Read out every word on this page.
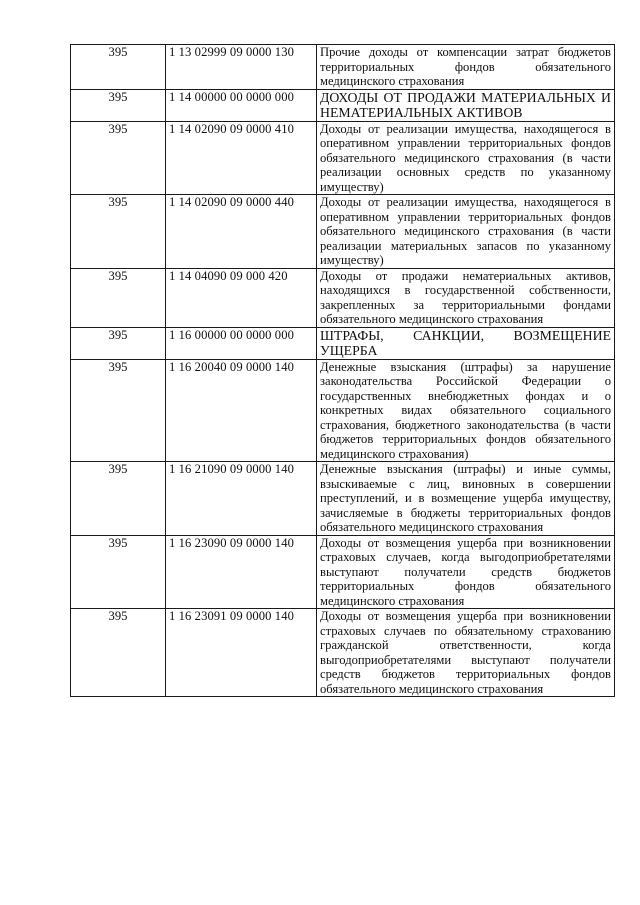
395	1 13 02999 09 0000 130	Прочие доходы от компенсации затрат бюджетов территориальных фондов обязательного медицинского страхования
395	1 14 00000 00 0000 000	ДОХОДЫ ОТ ПРОДАЖИ МАТЕРИАЛЬНЫХ И НЕМАТЕРИАЛЬНЫХ АКТИВОВ
395	1 14 02090 09 0000 410	Доходы от реализации имущества, находящегося в оперативном управлении территориальных фондов обязательного медицинского страхования (в части реализации основных средств по указанному имуществу)
395	1 14 02090 09 0000 440	Доходы от реализации имущества, находящегося в оперативном управлении территориальных фондов обязательного медицинского страхования (в части реализации материальных запасов по указанному имуществу)
395	1 14 04090 09 000 420	Доходы от продажи нематериальных активов, находящихся в государственной собственности, закрепленных за территориальными фондами обязательного медицинского страхования
395	1 16 00000 00 0000 000	ШТРАФЫ, САНКЦИИ, ВОЗМЕЩЕНИЕ УЩЕРБА
395	1 16 20040 09 0000 140	Денежные взыскания (штрафы) за нарушение законодательства Российской Федерации о государственных внебюджетных фондах и о конкретных видах обязательного социального страхования, бюджетного законодательства (в части бюджетов территориальных фондов обязательного медицинского страхования)
395	1 16 21090 09 0000 140	Денежные взыскания (штрафы) и иные суммы, взыскиваемые с лиц, виновных в совершении преступлений, и в возмещение ущерба имуществу, зачисляемые в бюджеты территориальных фондов обязательного медицинского страхования
395	1 16 23090 09 0000 140	Доходы от возмещения ущерба при возникновении страховых случаев, когда выгодоприобретателями выступают получатели средств бюджетов территориальных фондов обязательного медицинского страхования
395	1 16 23091 09 0000 140	Доходы от возмещения ущерба при возникновении страховых случаев по обязательному страхованию гражданской ответственности, когда выгодоприобретателями выступают получатели средств бюджетов территориальных фондов обязательного медицинского страхования
